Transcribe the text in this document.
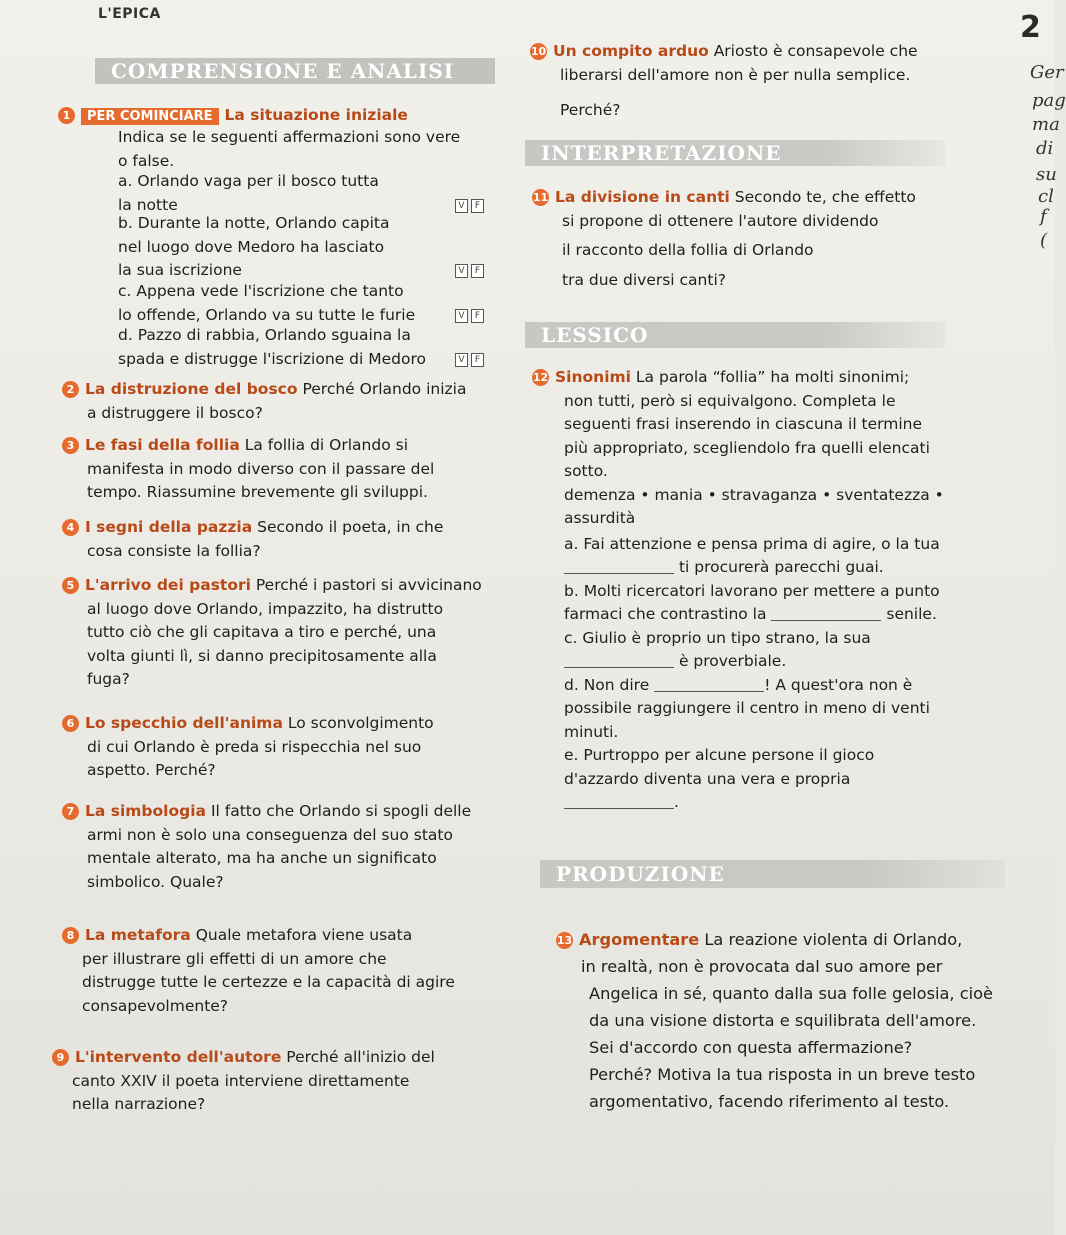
L'EPICA	2
COMPRENSIONE E ANALISI
1 PER COMINCIARE La situazione iniziale
Indica se le seguenti affermazioni sono vere
o false.
a. Orlando vaga per il bosco tutta
la notte	V	F
b. Durante la notte, Orlando capita
nel luogo dove Medoro ha lasciato
la sua iscrizione	V	F
c. Appena vede l'iscrizione che tanto
lo offende, Orlando va su tutte le furie	V	F
d. Pazzo di rabbia, Orlando sguaina la
spada e distrugge l'iscrizione di Medoro	V	F
2 La distruzione del bosco Perché Orlando inizia
a distruggere il bosco?
3 Le fasi della follia La follia di Orlando si
manifesta in modo diverso con il passare del
tempo. Riassumine brevemente gli sviluppi.
4 I segni della pazzia Secondo il poeta, in che
cosa consiste la follia?
5 L'arrivo dei pastori Perché i pastori si avvicinano
al luogo dove Orlando, impazzito, ha distrutto
tutto ciò che gli capitava a tiro e perché, una
volta giunti lì, si danno precipitosamente alla
fuga?
6 Lo specchio dell'anima Lo sconvolgimento
di cui Orlando è preda si rispecchia nel suo
aspetto. Perché?
7 La simbologia Il fatto che Orlando si spogli delle
armi non è solo una conseguenza del suo stato
mentale alterato, ma ha anche un significato
simbolico. Quale?
8 La metafora Quale metafora viene usata
per illustrare gli effetti di un amore che
distrugge tutte le certezze e la capacità di agire
consapevolmente?
9 L'intervento dell'autore Perché all'inizio del
canto XXIV il poeta interviene direttamente
nella narrazione?
10 Un compito arduo Ariosto è consapevole che
liberarsi dell'amore non è per nulla semplice.
Perché?
INTERPRETAZIONE
11 La divisione in canti Secondo te, che effetto
si propone di ottenere l'autore dividendo
il racconto della follia di Orlando
tra due diversi canti?
LESSICO
12 Sinonimi La parola “follia” ha molti sinonimi;
non tutti, però si equivalgono. Completa le
seguenti frasi inserendo in ciascuna il termine
più appropriato, scegliendolo fra quelli elencati
sotto.
demenza • mania • stravaganza • sventatezza •
assurdità
a. Fai attenzione e pensa prima di agire, o la tua
ti procurerà parecchi guai.
b. Molti ricercatori lavorano per mettere a punto
farmaci che contrastino la	senile.
c. Giulio è proprio un tipo strano, la sua
è proverbiale.
d. Non dire	! A quest'ora non è
possibile raggiungere il centro in meno di venti
minuti.
e. Purtroppo per alcune persone il gioco
d'azzardo diventa una vera e propria
.
PRODUZIONE
13 Argomentare La reazione violenta di Orlando,
in realtà, non è provocata dal suo amore per
Angelica in sé, quanto dalla sua folle gelosia, cioè
da una visione distorta e squilibrata dell'amore.
Sei d'accordo con questa affermazione?
Perché? Motiva la tua risposta in un breve testo
argomentativo, facendo riferimento al testo.
Ger
pag
ma
di
su
cl
f
(
